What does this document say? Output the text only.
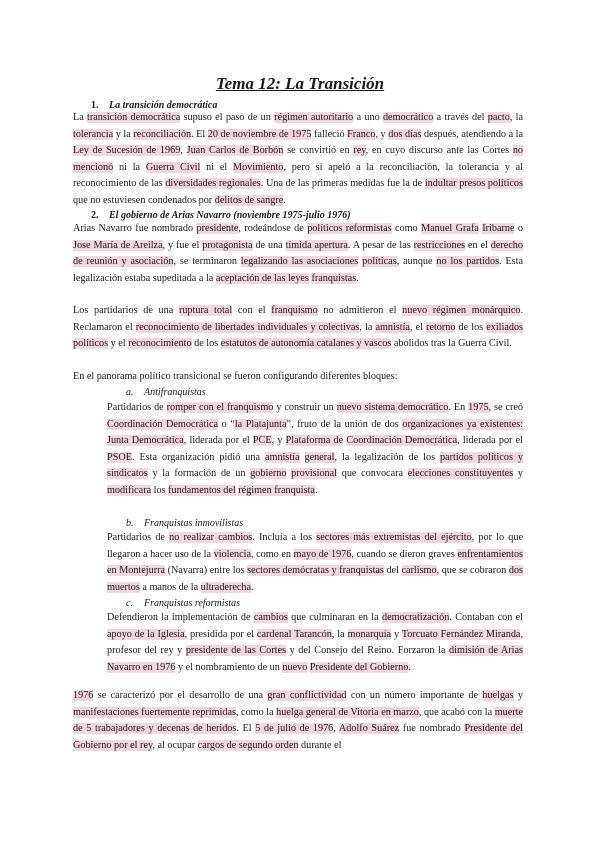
Tema 12: La Transición
1. La transición democrática
La transición democrática supuso el paso de un régimen autoritario a uno democrático a través del pacto, la tolerancia y la reconciliación. El 20 de noviembre de 1975 falleció Franco, y dos días después, atendiendo a la Ley de Sucesión de 1969, Juan Carlos de Borbón se convirtió en rey, en cuyo discurso ante las Cortes no mencionó ni la Guerra Civil ni el Movimiento, pero sí apeló a la reconciliación, la tolerancia y al reconocimiento de las diversidades regionales. Una de las primeras medidas fue la de indultar presos políticos que no estuviesen condenados por delitos de sangre.
2. El gobierno de Arias Navarro (noviembre 1975-julio 1976)
Arias Navarro fue nombrado presidente, rodeándose de políticos reformistas como Manuel Grafa Iribarne o Jose María de Areilza, y fue el protagonista de una tímida apertura. A pesar de las restricciones en el derecho de reunión y asociación, se terminaron legalizando las asociaciones políticas, aunque no los partidos. Esta legalización estaba supeditada a la aceptación de las leyes franquistas.
Los partidarios de una ruptura total con el franquismo no admitieron el nuevo régimen monárquico. Reclamaron el reconocimiento de libertades individuales y colectivas, la amnistía, el retorno de los exiliados políticos y el reconocimiento de los estatutos de autonomía catalanes y vascos abolidos tras la Guerra Civil.
En el panorama político transicional se fueron configurando diferentes bloques:
a. Antifranquistas
Partidarios de romper con el franquismo y construir un nuevo sistema democrático. En 1975, se creó Coordinación Democrática o “la Platajunta”, fruto de la unión de dos organizaciones ya existentes: Junta Democrática, liderada por el PCE, y Plataforma de Coordinación Democrática, liderada por el PSOE. Esta organización pidió una amnistía general, la legalización de los partidos políticos y sindicatos y la formación de un gobierno provisional que convocara elecciones constituyentes y modificara los fundamentos del régimen franquista.
b. Franquistas inmovilistas
Partidarios de no realizar cambios. Incluía a los sectores más extremistas del ejército, por lo que llegaron a hacer uso de la violencia, como en mayo de 1976, cuando se dieron graves enfrentamientos en Montejurra (Navarra) entre los sectores demócratas y franquistas del carlismo, que se cobraron dos muertos a manos de la ultraderecha.
c. Franquistas reformistas
Defendieron la implementación de cambios que culminaran en la democratización. Contaban con el apoyo de la Iglesia, presidida por el cardenal Tarancón, la monarquía y Torcuato Fernández Miranda, profesor del rey y presidente de las Cortes y del Consejo del Reino. Forzaron la dimisión de Arias Navarro en 1976 y el nombramiento de un nuevo Presidente del Gobierno.
1976 se caracterizó por el desarrollo de una gran conflictividad con un número importante de huelgas y manifestaciones fuertemente reprimidas, como la huelga general de Vitoria en marzo, que acabó con la muerte de 5 trabajadores y decenas de heridos. El 5 de julio de 1976, Adolfo Suárez fue nombrado Presidente del Gobierno por el rey, al ocupar cargos de segundo orden durante el
